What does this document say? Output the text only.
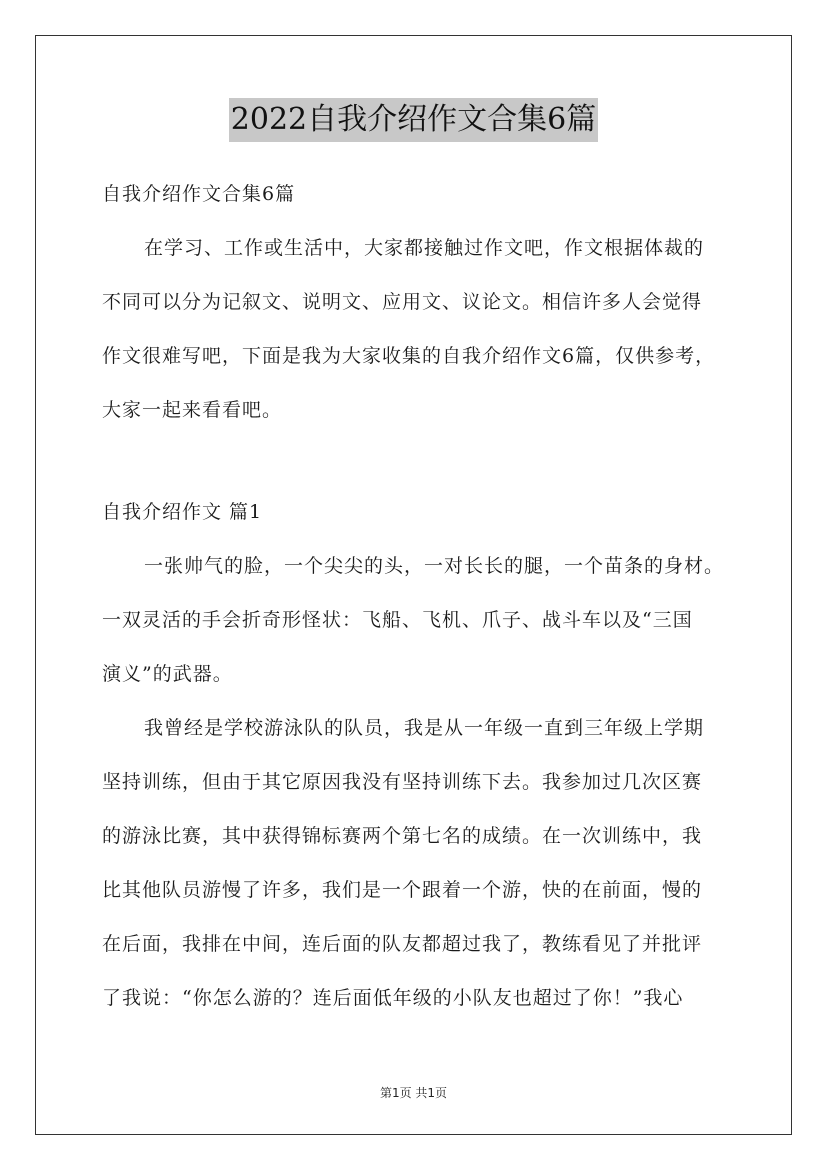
2022自我介绍作文合集6篇
自我介绍作文合集6篇
在学习、工作或生活中，大家都接触过作文吧，作文根据体裁的
不同可以分为记叙文、说明文、应用文、议论文。相信许多人会觉得
作文很难写吧，下面是我为大家收集的自我介绍作文6篇，仅供参考，
大家一起来看看吧。
自我介绍作文 篇1
一张帅气的脸，一个尖尖的头，一对长长的腿，一个苗条的身材。
一双灵活的手会折奇形怪状：飞船、飞机、爪子、战斗车以及“三国
演义”的武器。
我曾经是学校游泳队的队员，我是从一年级一直到三年级上学期
坚持训练，但由于其它原因我没有坚持训练下去。我参加过几次区赛
的游泳比赛，其中获得锦标赛两个第七名的成绩。在一次训练中，我
比其他队员游慢了许多，我们是一个跟着一个游，快的在前面，慢的
在后面，我排在中间，连后面的队友都超过我了，教练看见了并批评
了我说：“你怎么游的？连后面低年级的小队友也超过了你！”我心
第1页 共1页
